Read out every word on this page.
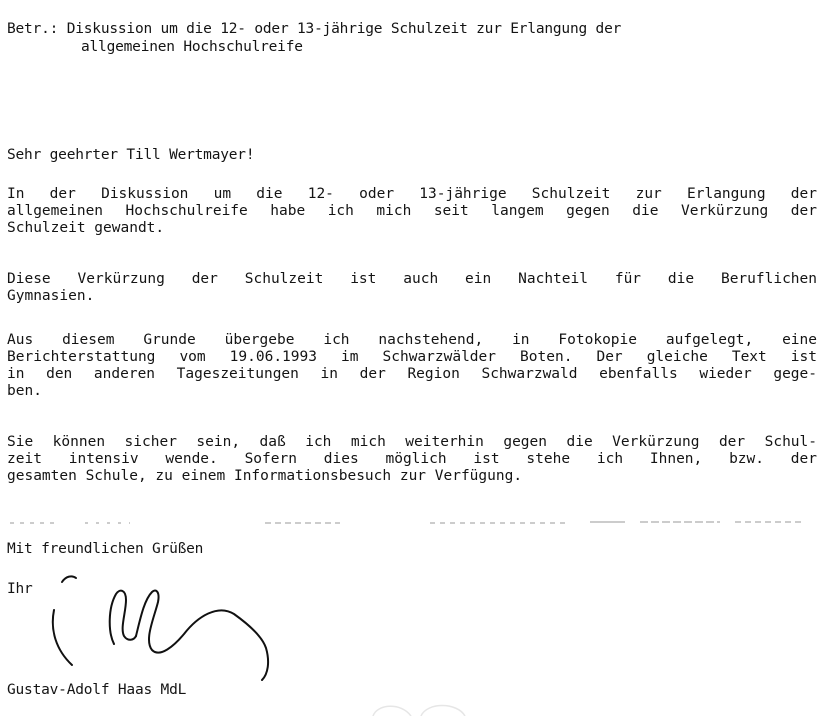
Betr.: Diskussion um die 12- oder 13-jährige Schulzeit zur Erlangung der
allgemeinen Hochschulreife
Sehr geehrter Till Wertmayer!
In der Diskussion um die 12- oder 13-jährige Schulzeit zur Erlangung der
allgemeinen Hochschulreife habe ich mich seit langem gegen die Verkürzung der
Schulzeit gewandt.
Diese Verkürzung der Schulzeit ist auch ein Nachteil für die Beruflichen
Gymnasien.
Aus diesem Grunde übergebe ich nachstehend, in Fotokopie aufgelegt, eine
Berichterstattung vom 19.06.1993 im Schwarzwälder Boten. Der gleiche Text ist
in den anderen Tageszeitungen in der Region Schwarzwald ebenfalls wieder gege-
ben.
Sie können sicher sein, daß ich mich weiterhin gegen die Verkürzung der Schul-
zeit intensiv wende. Sofern dies möglich ist stehe ich Ihnen, bzw. der
gesamten Schule, zu einem Informationsbesuch zur Verfügung.
Mit freundlichen Grüßen
Ihr
Gustav-Adolf Haas MdL
